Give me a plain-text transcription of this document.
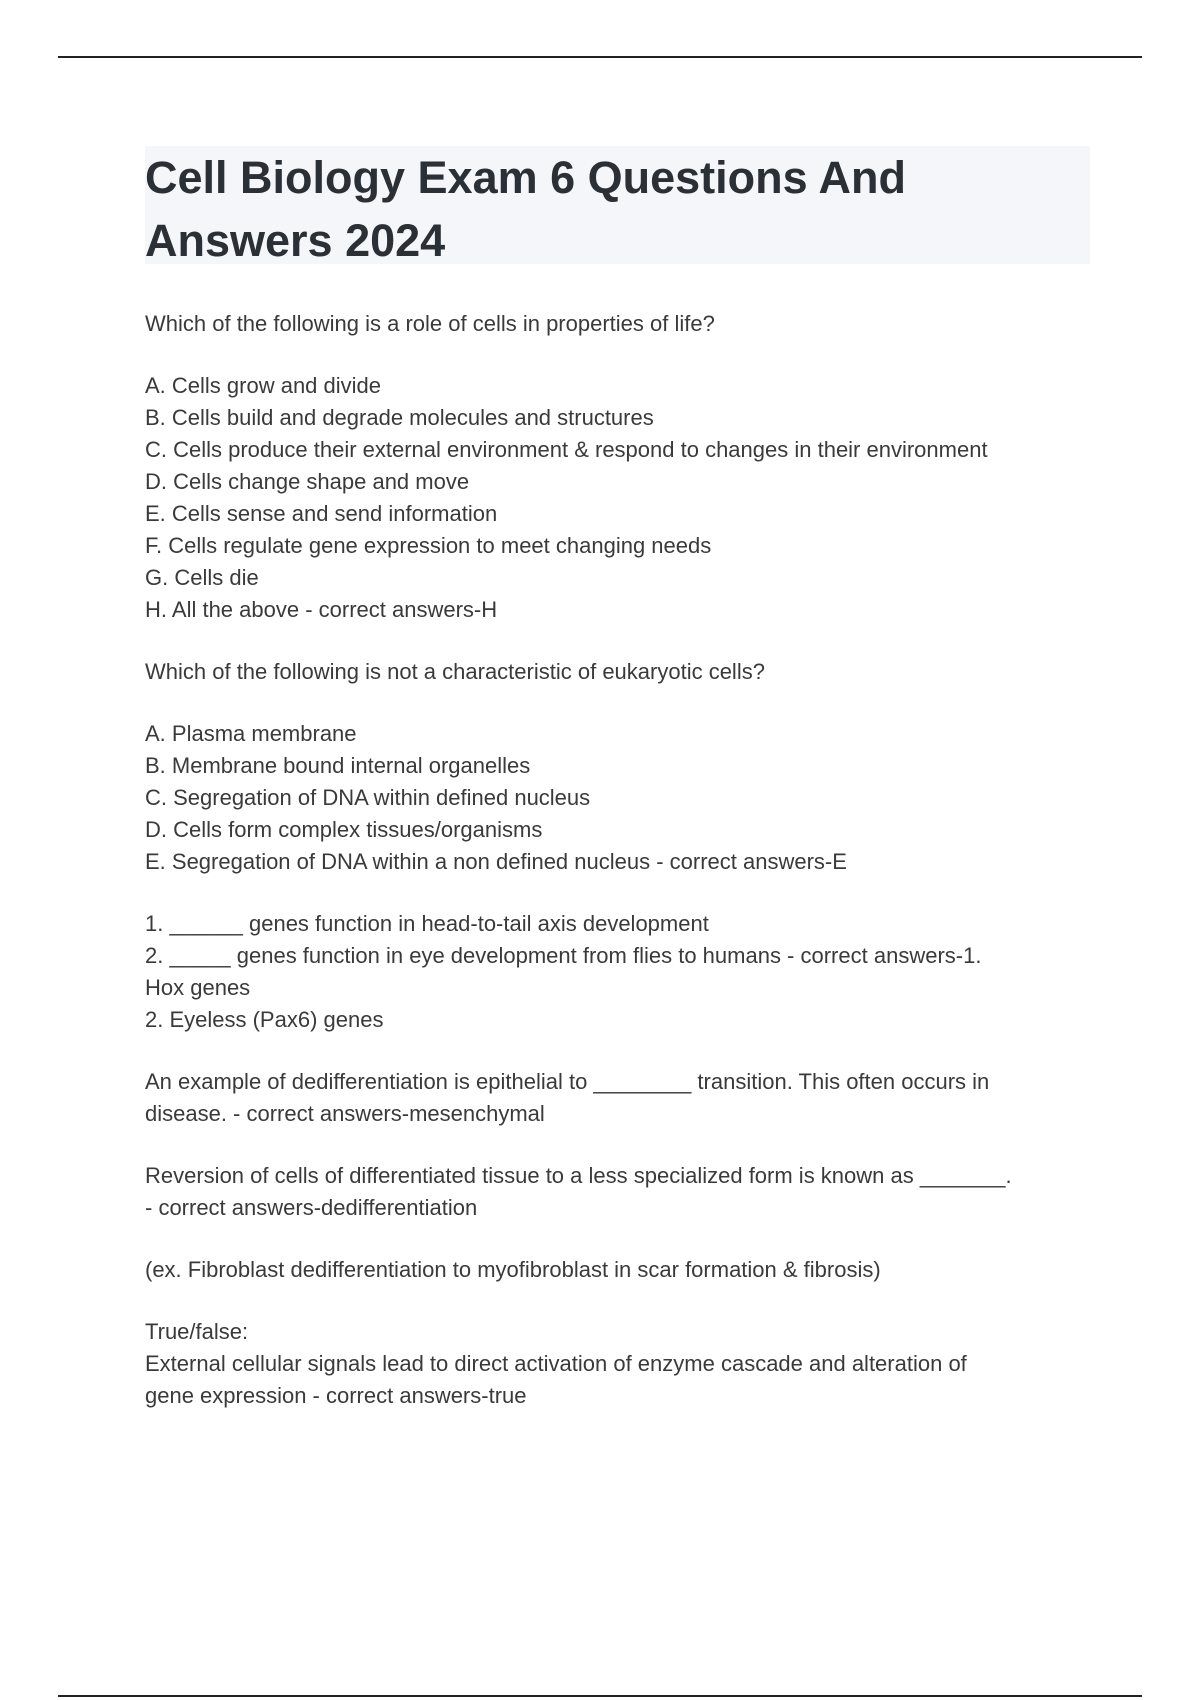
Cell Biology Exam 6 Questions And Answers 2024
Which of the following is a role of cells in properties of life?
A. Cells grow and divide
B. Cells build and degrade molecules and structures
C. Cells produce their external environment & respond to changes in their environment
D. Cells change shape and move
E. Cells sense and send information
F. Cells regulate gene expression to meet changing needs
G. Cells die
H. All the above - correct answers-H
Which of the following is not a characteristic of eukaryotic cells?
A. Plasma membrane
B. Membrane bound internal organelles
C. Segregation of DNA within defined nucleus
D. Cells form complex tissues/organisms
E. Segregation of DNA within a non defined nucleus - correct answers-E
1. ______ genes function in head-to-tail axis development
2. _____ genes function in eye development from flies to humans - correct answers-1.
Hox genes
2. Eyeless (Pax6) genes
An example of dedifferentiation is epithelial to ________ transition. This often occurs in
disease. - correct answers-mesenchymal
Reversion of cells of differentiated tissue to a less specialized form is known as _______.
- correct answers-dedifferentiation
(ex. Fibroblast dedifferentiation to myofibroblast in scar formation & fibrosis)
True/false:
External cellular signals lead to direct activation of enzyme cascade and alteration of
gene expression - correct answers-true
